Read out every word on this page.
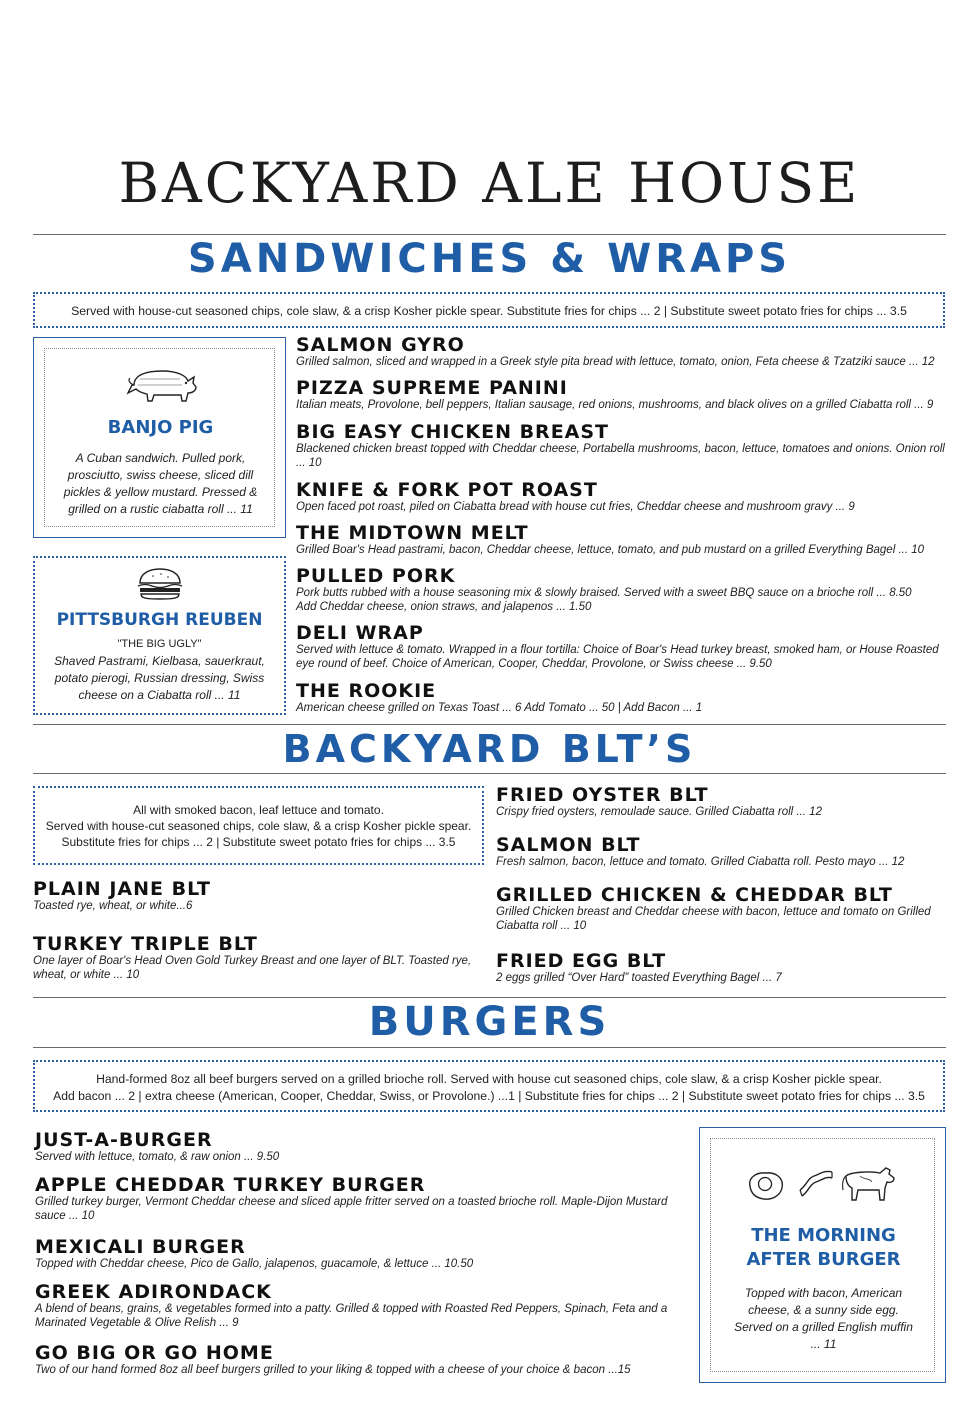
BACKYARD ALE HOUSE
SANDWICHES & WRAPS
Served with house-cut seasoned chips, cole slaw, & a crisp Kosher pickle spear. Substitute fries for chips ... 2 | Substitute sweet potato fries for chips ... 3.5
BANJO PIG
A Cuban sandwich. Pulled pork, prosciutto, swiss cheese, sliced dill pickles & yellow mustard. Pressed & grilled on a rustic ciabatta roll ... 11
PITTSBURGH REUBEN
"THE BIG UGLY"
Shaved Pastrami, Kielbasa, sauerkraut, potato pierogi, Russian dressing, Swiss cheese on a Ciabatta roll ... 11
SALMON GYRO
Grilled salmon, sliced and wrapped in a Greek style pita bread with lettuce, tomato, onion, Feta cheese & Tzatziki sauce ... 12
PIZZA SUPREME PANINI
Italian meats, Provolone, bell peppers, Italian sausage, red onions, mushrooms, and black olives on a grilled Ciabatta roll ... 9
BIG EASY CHICKEN BREAST
Blackened chicken breast topped with Cheddar cheese, Portabella mushrooms, bacon, lettuce, tomatoes and onions. Onion roll ... 10
KNIFE & FORK POT ROAST
Open faced pot roast, piled on Ciabatta bread with house cut fries, Cheddar cheese and mushroom gravy ... 9
THE MIDTOWN MELT
Grilled Boar's Head pastrami, bacon, Cheddar cheese, lettuce, tomato, and pub mustard on a grilled Everything Bagel ... 10
PULLED PORK
Pork butts rubbed with a house seasoning mix & slowly braised. Served with a sweet BBQ sauce on a brioche roll ... 8.50
Add Cheddar cheese, onion straws, and jalapenos ... 1.50
DELI WRAP
Served with lettuce & tomato. Wrapped in a flour tortilla: Choice of Boar's Head turkey breast, smoked ham, or House Roasted eye round of beef. Choice of American, Cooper, Cheddar, Provolone, or Swiss cheese ... 9.50
THE ROOKIE
American cheese grilled on Texas Toast ... 6 Add Tomato ... 50 | Add Bacon ... 1
BACKYARD BLT’S
All with smoked bacon, leaf lettuce and tomato.
Served with house-cut seasoned chips, cole slaw, & a crisp Kosher pickle spear.
Substitute fries for chips ... 2 | Substitute sweet potato fries for chips ... 3.5
PLAIN JANE BLT
Toasted rye, wheat, or white...6
TURKEY TRIPLE BLT
One layer of Boar's Head Oven Gold Turkey Breast and one layer of BLT. Toasted rye, wheat, or white ... 10
FRIED OYSTER BLT
Crispy fried oysters, remoulade sauce. Grilled Ciabatta roll ... 12
SALMON BLT
Fresh salmon, bacon, lettuce and tomato. Grilled Ciabatta roll. Pesto mayo ... 12
GRILLED CHICKEN & CHEDDAR BLT
Grilled Chicken breast and Cheddar cheese with bacon, lettuce and tomato on Grilled Ciabatta roll ... 10
FRIED EGG BLT
2 eggs grilled “Over Hard” toasted Everything Bagel ... 7
BURGERS
Hand-formed 8oz all beef burgers served on a grilled brioche roll. Served with house cut seasoned chips, cole slaw, & a crisp Kosher pickle spear.
Add bacon ... 2 | extra cheese (American, Cooper, Cheddar, Swiss, or Provolone.) ...1 | Substitute fries for chips ... 2 | Substitute sweet potato fries for chips ... 3.5
JUST-A-BURGER
Served with lettuce, tomato, & raw onion ... 9.50
APPLE CHEDDAR TURKEY BURGER
Grilled turkey burger, Vermont Cheddar cheese and sliced apple fritter served on a toasted brioche roll. Maple-Dijon Mustard sauce ... 10
MEXICALI BURGER
Topped with Cheddar cheese, Pico de Gallo, jalapenos, guacamole, & lettuce ... 10.50
GREEK ADIRONDACK
A blend of beans, grains, & vegetables formed into a patty. Grilled & topped with Roasted Red Peppers, Spinach, Feta and a Marinated Vegetable & Olive Relish ... 9
GO BIG OR GO HOME
Two of our hand formed 8oz all beef burgers grilled to your liking & topped with a cheese of your choice & bacon ...15
THE MORNING
AFTER BURGER
Topped with bacon, American cheese, & a sunny side egg. Served on a grilled English muffin ... 11
